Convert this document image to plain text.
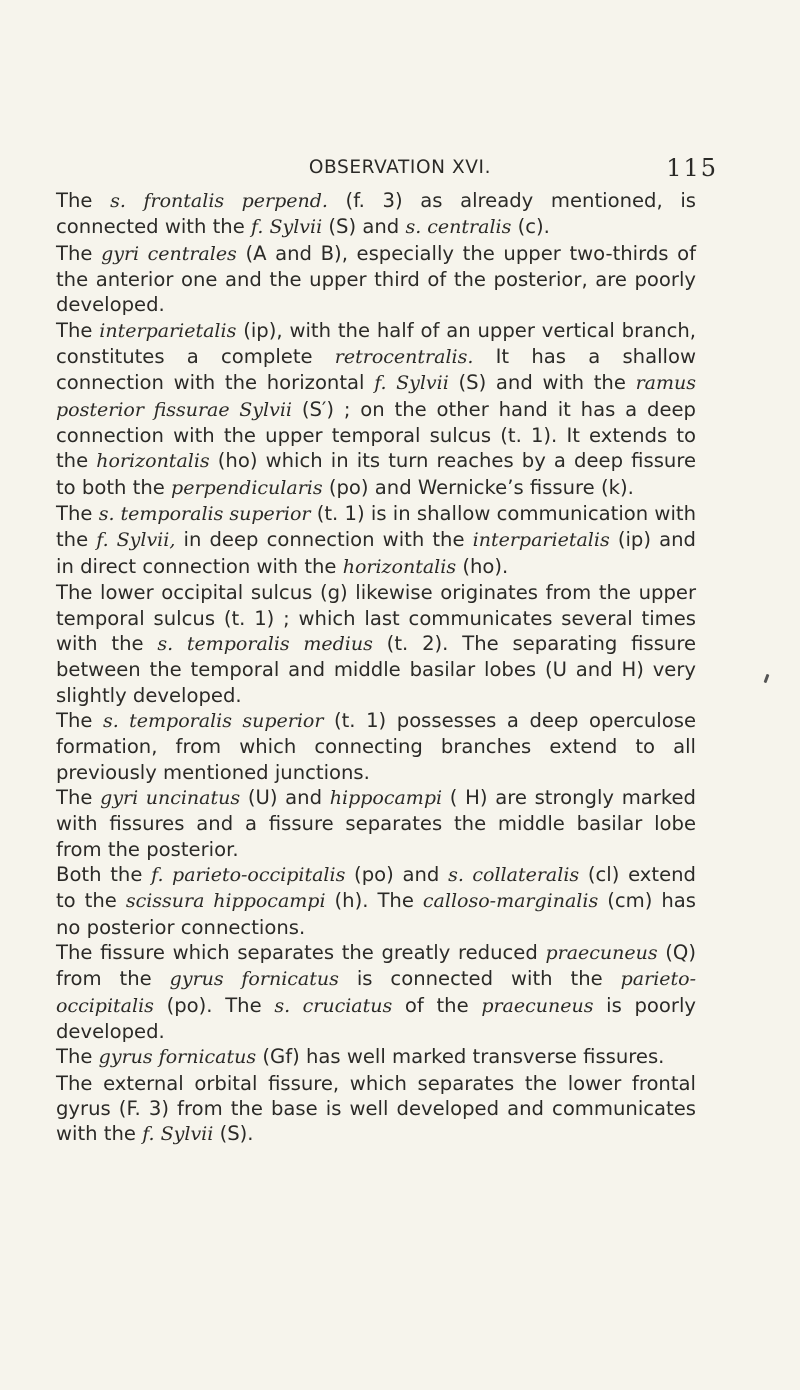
OBSERVATION XVI.	115

The s. frontalis perpend. (f. 3) as already mentioned, is connected with the f. Sylvii (S) and s. centralis (c).

The gyri centrales (A and B), especially the upper two-thirds of the anterior one and the upper third of the posterior, are poorly developed.

The interparietalis (ip), with the half of an upper vertical branch, constitutes a complete retrocentralis. It has a shallow connection with the horizontal f. Sylvii (S) and with the ramus posterior fissurae Sylvii (S′) ; on the other hand it has a deep connection with the upper temporal sulcus (t. 1). It extends to the horizontalis (ho) which in its turn reaches by a deep fissure to both the perpendicularis (po) and Wernicke’s fissure (k).

The s. temporalis superior (t. 1) is in shallow communication with the f. Sylvii, in deep connection with the interparietalis (ip) and in direct connection with the horizontalis (ho).

The lower occipital sulcus (g) likewise originates from the upper temporal sulcus (t. 1) ; which last communicates several times with the s. temporalis medius (t. 2). The separating fissure between the temporal and middle basilar lobes (U and H) very slightly developed.

The s. temporalis superior (t. 1) possesses a deep operculose formation, from which connecting branches extend to all previously mentioned junctions.

The gyri uncinatus (U) and hippocampi ( H) are strongly marked with fissures and a fissure separates the middle basilar lobe from the posterior.

Both the f. parieto-occipitalis (po) and s. collateralis (cl) extend to the scissura hippocampi (h). The calloso-marginalis (cm) has no posterior connections.

The fissure which separates the greatly reduced praecuneus (Q) from the gyrus fornicatus is connected with the parieto-occipitalis (po). The s. cruciatus of the praecuneus is poorly developed.

The gyrus fornicatus (Gf) has well marked transverse fissures.

The external orbital fissure, which separates the lower frontal gyrus (F. 3) from the base is well developed and communicates with the f. Sylvii (S).
